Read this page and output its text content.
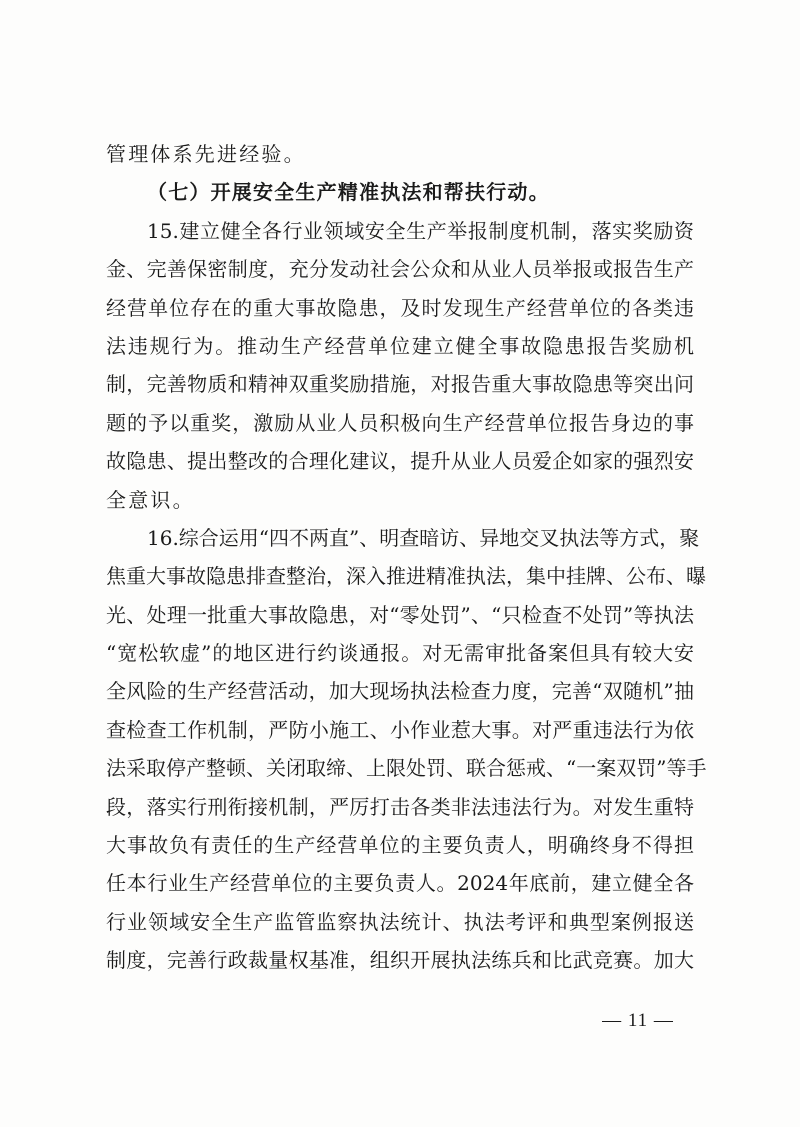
管理体系先进经验。
（七）开展安全生产精准执法和帮扶行动。
15.建立健全各行业领域安全生产举报制度机制，落实奖励资
金、完善保密制度，充分发动社会公众和从业人员举报或报告生产
经营单位存在的重大事故隐患，及时发现生产经营单位的各类违
法违规行为。推动生产经营单位建立健全事故隐患报告奖励机
制，完善物质和精神双重奖励措施，对报告重大事故隐患等突出问
题的予以重奖，激励从业人员积极向生产经营单位报告身边的事
故隐患、提出整改的合理化建议，提升从业人员爱企如家的强烈安
全意识。
16.综合运用“四不两直”、明查暗访、异地交叉执法等方式，聚
焦重大事故隐患排查整治，深入推进精准执法，集中挂牌、公布、曝
光、处理一批重大事故隐患，对“零处罚”、“只检查不处罚”等执法
“宽松软虚”的地区进行约谈通报。对无需审批备案但具有较大安
全风险的生产经营活动，加大现场执法检查力度，完善“双随机”抽
查检查工作机制，严防小施工、小作业惹大事。对严重违法行为依
法采取停产整顿、关闭取缔、上限处罚、联合惩戒、“一案双罚”等手
段，落实行刑衔接机制，严厉打击各类非法违法行为。对发生重特
大事故负有责任的生产经营单位的主要负责人，明确终身不得担
任本行业生产经营单位的主要负责人。2024年底前，建立健全各
行业领域安全生产监管监察执法统计、执法考评和典型案例报送
制度，完善行政裁量权基准，组织开展执法练兵和比武竞赛。加大
— 11 —
